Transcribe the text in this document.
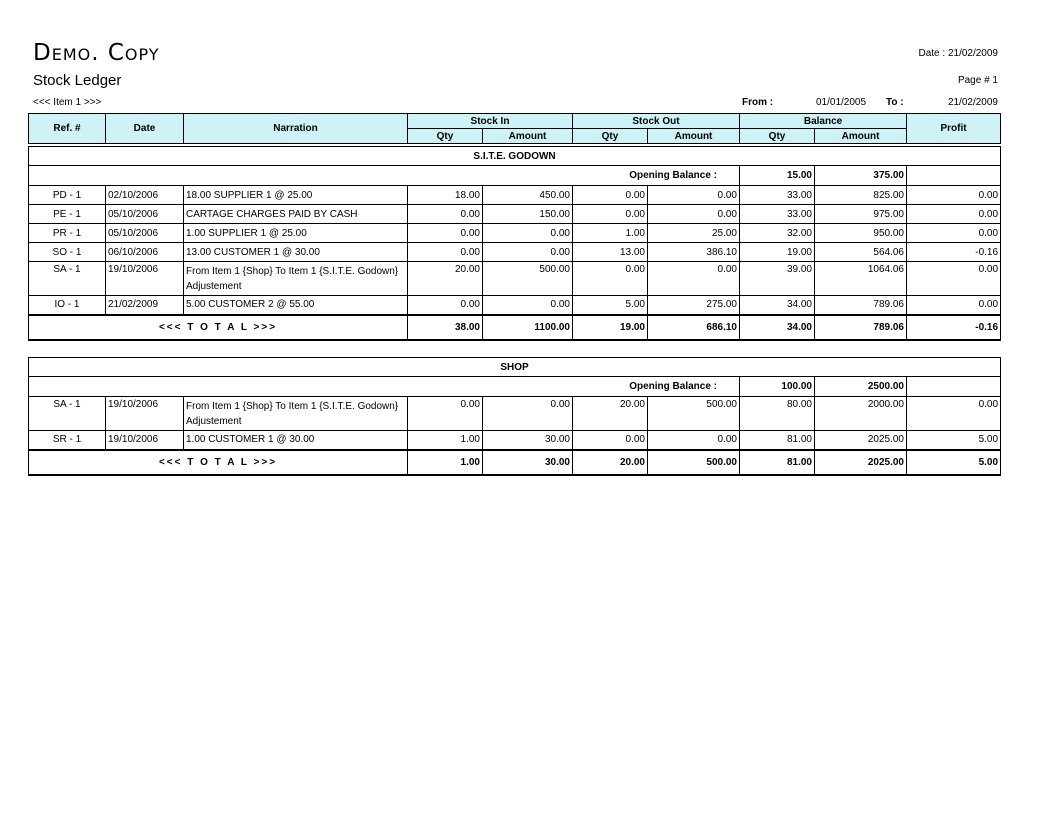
Demo. Copy
Stock Ledger
<<< Item 1 >>>
Date : 21/02/2009
Page # 1
From :	01/01/2005 To :	21/02/2009
Ref. #	Date	Narration	Stock In		Stock Out		Balance		Profit
			Qty	Amount	Qty	Amount	Qty	Amount	
S.I.T.E. GODOWN									
Opening Balance :							15.00	375.00	
PD - 1	02/10/2006	18.00 SUPPLIER 1 @ 25.00	18.00	450.00	0.00	0.00	33.00	825.00	0.00
PE - 1	05/10/2006	CARTAGE CHARGES PAID BY CASH	0.00	150.00	0.00	0.00	33.00	975.00	0.00
PR - 1	05/10/2006	1.00 SUPPLIER 1 @ 25.00	0.00	0.00	1.00	25.00	32.00	950.00	0.00
SO - 1	06/10/2006	13.00 CUSTOMER 1 @ 30.00	0.00	0.00	13.00	386.10	19.00	564.06	-0.16
SA - 1	19/10/2006	From Item 1 {Shop} To Item 1 {S.I.T.E. Godown} Adjustement	20.00	500.00	0.00	0.00	39.00	1064.06	0.00
IO - 1	21/02/2009	5.00 CUSTOMER 2 @ 55.00	0.00	0.00	5.00	275.00	34.00	789.06	0.00
<<< T O T A L >>>			38.00	1100.00	19.00	686.10	34.00	789.06	-0.16
SHOP									
Opening Balance :							100.00	2500.00	
SA - 1	19/10/2006	From Item 1 {Shop} To Item 1 {S.I.T.E. Godown} Adjustement	0.00	0.00	20.00	500.00	80.00	2000.00	0.00
SR - 1	19/10/2006	1.00 CUSTOMER 1 @ 30.00	1.00	30.00	0.00	0.00	81.00	2025.00	5.00
<<< T O T A L >>>			1.00	30.00	20.00	500.00	81.00	2025.00	5.00
